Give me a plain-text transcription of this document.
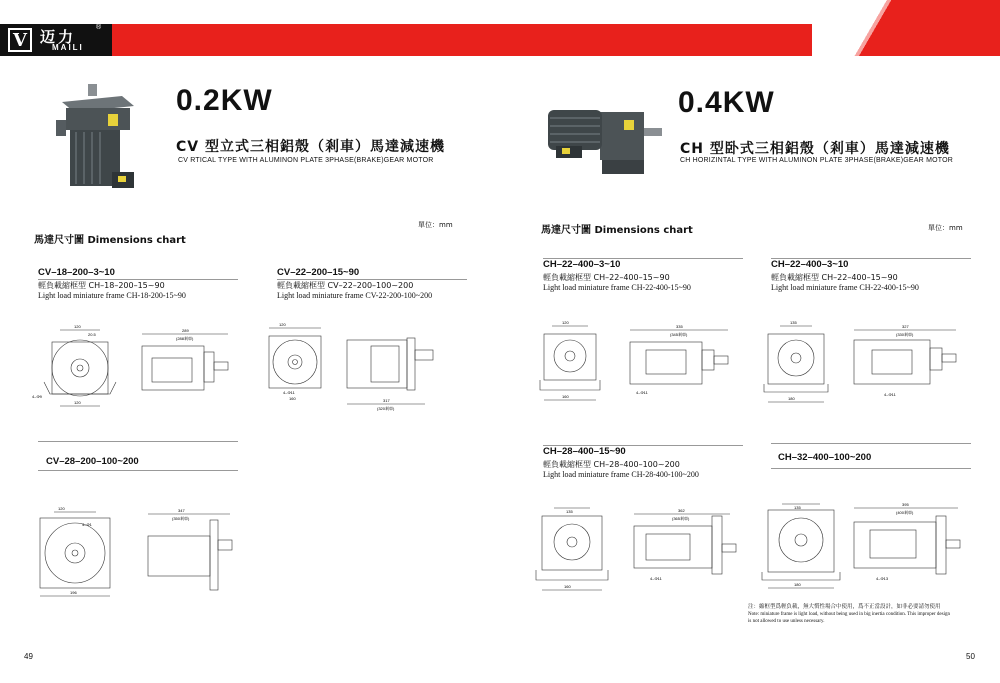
V 迈力
MAILI
®
0.2KW
CV 型立式三相鋁殼（剎車）馬達減速機
CV RTICAL TYPE WITH ALUMINON PLATE 3PHASE(BRAKE)GEAR MOTOR
單位：mm
馬達尺寸圖 Dimensions chart
CV–18–200–3~10
輕負載縮框型 CH–18–200–15~90
Light load miniature frame CH-18-200-15~90
CV–22–200–15~90
輕負載縮框型 CV–22–200–100~200
Light load miniature frame CV-22-200-100~200
CV–28–200–100~200
120
20.5
289
(288剎車)
4–Φ9
120
120
317
(320剎車)
160
4–Φ11
120	347
(350剎車)
196
4–Φ1
49
0.4KW
CH 型卧式三相鋁殼（剎車）馬達減速機
CH HORIZINTAL TYPE WITH ALUMINON PLATE 3PHASE(BRAKE)GEAR MOTOR
馬達尺寸圖 Dimensions chart	單位：mm
CH–22–400–3~10
輕負載縮框型 CH–22–400–15~90
Light load miniature frame CH-22-400-15~90
CH–22–400–3~10
輕負載縮框型 CH–22–400–15~90
Light load miniature frame CH-22-400-15~90
CH–28–400–15~90
輕負載縮框型 CH–28–400–100~200
Light load miniature frame CH-28-400-100~200
CH–32–400–100~200
120
335
(345剎車)
160
4–Φ11
135
327
(330剎車)
180
4–Φ11
135	362
(365剎車)
160
4–Φ11
135
395
(400剎車)
180
4–Φ13
注：縮框型爲輕負載，無大慣性場合中使用，爲不正當設計，如非必要請勿使用
Note: miniature frame is light load, without being used in big inertia condition. This improper design
is not allowed to use unless necessary.
50
